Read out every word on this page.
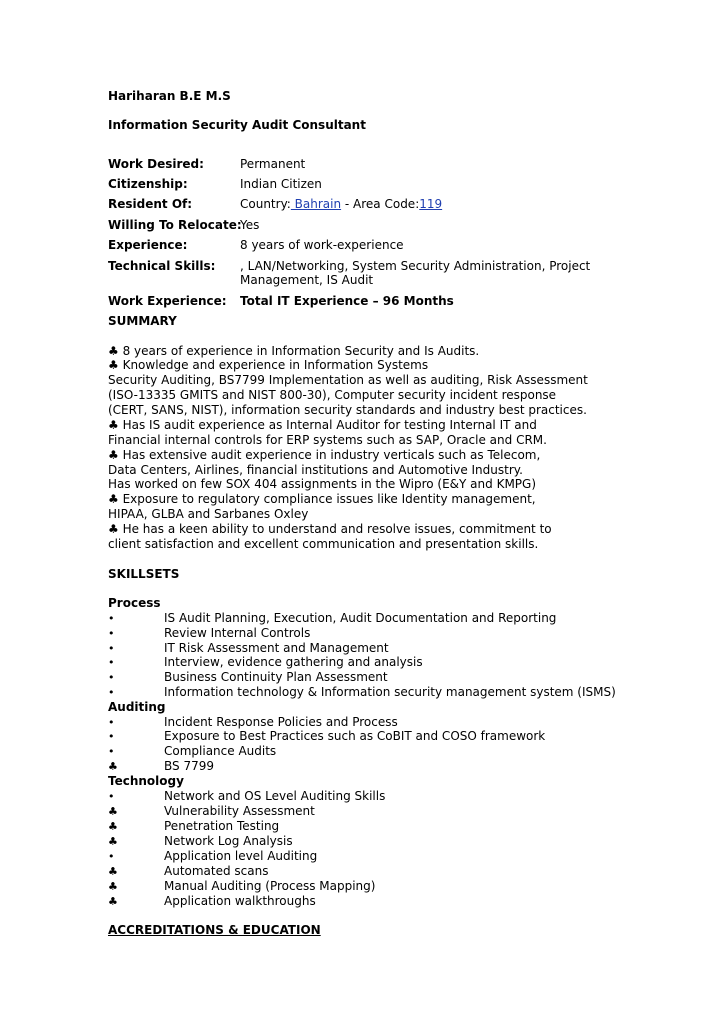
Hariharan B.E M.S
Information Security Audit Consultant
Work Desired:	Permanent
Citizenship:	Indian Citizen
Resident Of:	Country: Bahrain - Area Code:119
Willing To Relocate:
Yes
Experience:	8 years of work-experience
Technical Skills: , LAN/Networking, System Security Administration, Project
Management, IS Audit
Work Experience: Total IT Experience – 96 Months
SUMMARY
♣ 8 years of experience in Information Security and Is Audits.
♣ Knowledge and experience in Information Systems
Security Auditing, BS7799 Implementation as well as auditing, Risk Assessment
(ISO-13335 GMITS and NIST 800-30), Computer security incident response
(CERT, SANS, NIST), information security standards and industry best practices.
♣ Has IS audit experience as Internal Auditor for testing Internal IT and
Financial internal controls for ERP systems such as SAP, Oracle and CRM.
♣ Has extensive audit experience in industry verticals such as Telecom,
Data Centers, Airlines, financial institutions and Automotive Industry.
Has worked on few SOX 404 assignments in the Wipro (E&Y and KMPG)
♣ Exposure to regulatory compliance issues like Identity management,
HIPAA, GLBA and Sarbanes Oxley
♣ He has a keen ability to understand and resolve issues, commitment to
client satisfaction and excellent communication and presentation skills.
SKILLSETS
Process
•	IS Audit Planning, Execution, Audit Documentation and Reporting
•	Review Internal Controls
•	IT Risk Assessment and Management
•	Interview, evidence gathering and analysis
•	Business Continuity Plan Assessment
•	Information technology & Information security management system (ISMS)
Auditing
•	Incident Response Policies and Process
•	Exposure to Best Practices such as CoBIT and COSO framework
•	Compliance Audits
♣	BS 7799
Technology
•	Network and OS Level Auditing Skills
♣	Vulnerability Assessment
♣	Penetration Testing
♣	Network Log Analysis
•	Application level Auditing
♣	Automated scans
♣	Manual Auditing (Process Mapping)
♣	Application walkthroughs
ACCREDITATIONS & EDUCATION
